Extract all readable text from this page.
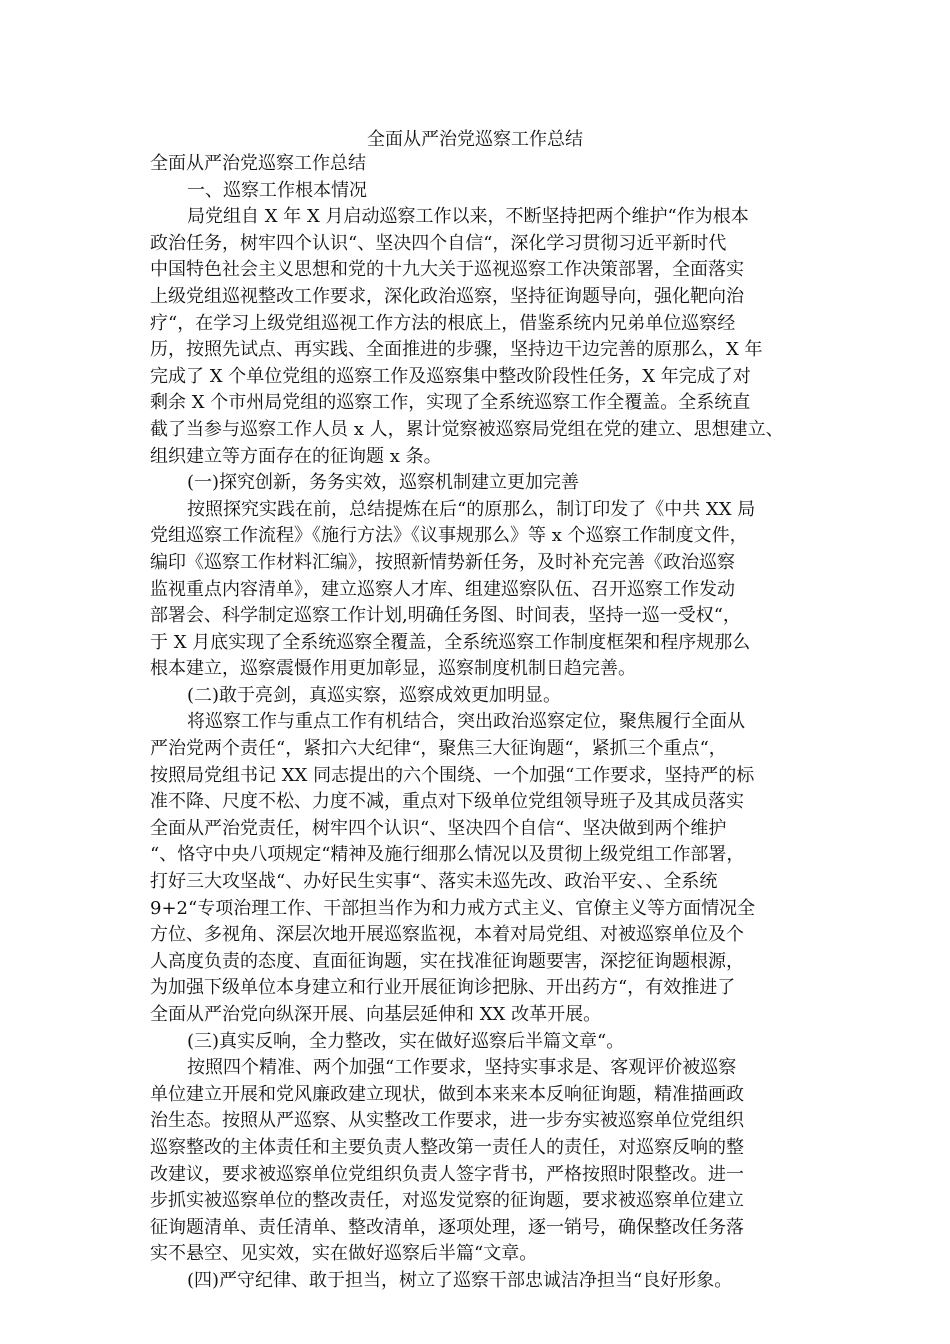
全面从严治党巡察工作总结
全面从严治党巡察工作总结
一、巡察工作根本情况
局党组自 X 年 X 月启动巡察工作以来，不断坚持把两个维护“作为根本
政治任务，树牢四个认识“、坚决四个自信“，深化学习贯彻习近平新时代
中国特色社会主义思想和党的十九大关于巡视巡察工作决策部署，全面落实
上级党组巡视整改工作要求，深化政治巡察，坚持征询题导向，强化靶向治
疗“，在学习上级党组巡视工作方法的根底上，借鉴系统内兄弟单位巡察经
历，按照先试点、再实践、全面推进的步骤，坚持边干边完善的原那么，X 年
完成了 X 个单位党组的巡察工作及巡察集中整改阶段性任务，X 年完成了对
剩余 X 个市州局党组的巡察工作，实现了全系统巡察工作全覆盖。全系统直
截了当参与巡察工作人员 x 人，累计觉察被巡察局党组在党的建立、思想建立、
组织建立等方面存在的征询题 x 条。
(一)探究创新，务务实效，巡察机制建立更加完善
按照探究实践在前，总结提炼在后“的原那么，制订印发了《中共 XX 局
党组巡察工作流程》《施行方法》《议事规那么》等 x 个巡察工作制度文件，
编印《巡察工作材料汇编》，按照新情势新任务，及时补充完善《政治巡察
监视重点内容清单》，建立巡察人才库、组建巡察队伍、召开巡察工作发动
部署会、科学制定巡察工作计划,明确任务图、时间表，坚持一巡一受权“，
于 X 月底实现了全系统巡察全覆盖，全系统巡察工作制度框架和程序规那么
根本建立，巡察震慑作用更加彰显，巡察制度机制日趋完善。
(二)敢于亮剑，真巡实察，巡察成效更加明显。
将巡察工作与重点工作有机结合，突出政治巡察定位，聚焦履行全面从
严治党两个责任“，紧扣六大纪律“，聚焦三大征询题“，紧抓三个重点“，
按照局党组书记 XX 同志提出的六个围绕、一个加强“工作要求，坚持严的标
准不降、尺度不松、力度不减，重点对下级单位党组领导班子及其成员落实
全面从严治党责任，树牢四个认识“、坚决四个自信“、坚决做到两个维护
“、恪守中央八项规定“精神及施行细那么情况以及贯彻上级党组工作部署，
打好三大攻坚战“、办好民生实事“、落实未巡先改、政治平安、、全系统
9+2“专项治理工作、干部担当作为和力戒方式主义、官僚主义等方面情况全
方位、多视角、深层次地开展巡察监视，本着对局党组、对被巡察单位及个
人高度负责的态度、直面征询题，实在找准征询题要害，深挖征询题根源，
为加强下级单位本身建立和行业开展征询诊把脉、开出药方“，有效推进了
全面从严治党向纵深开展、向基层延伸和 XX 改革开展。
(三)真实反响，全力整改，实在做好巡察后半篇文章“。
按照四个精准、两个加强“工作要求，坚持实事求是、客观评价被巡察
单位建立开展和党风廉政建立现状，做到本来来本反响征询题，精准描画政
治生态。按照从严巡察、从实整改工作要求，进一步夯实被巡察单位党组织
巡察整改的主体责任和主要负责人整改第一责任人的责任，对巡察反响的整
改建议，要求被巡察单位党组织负责人签字背书，严格按照时限整改。进一
步抓实被巡察单位的整改责任，对巡发觉察的征询题，要求被巡察单位建立
征询题清单、责任清单、整改清单，逐项处理，逐一销号，确保整改任务落
实不悬空、见实效，实在做好巡察后半篇“文章。
(四)严守纪律、敢于担当，树立了巡察干部忠诚洁净担当“良好形象。
